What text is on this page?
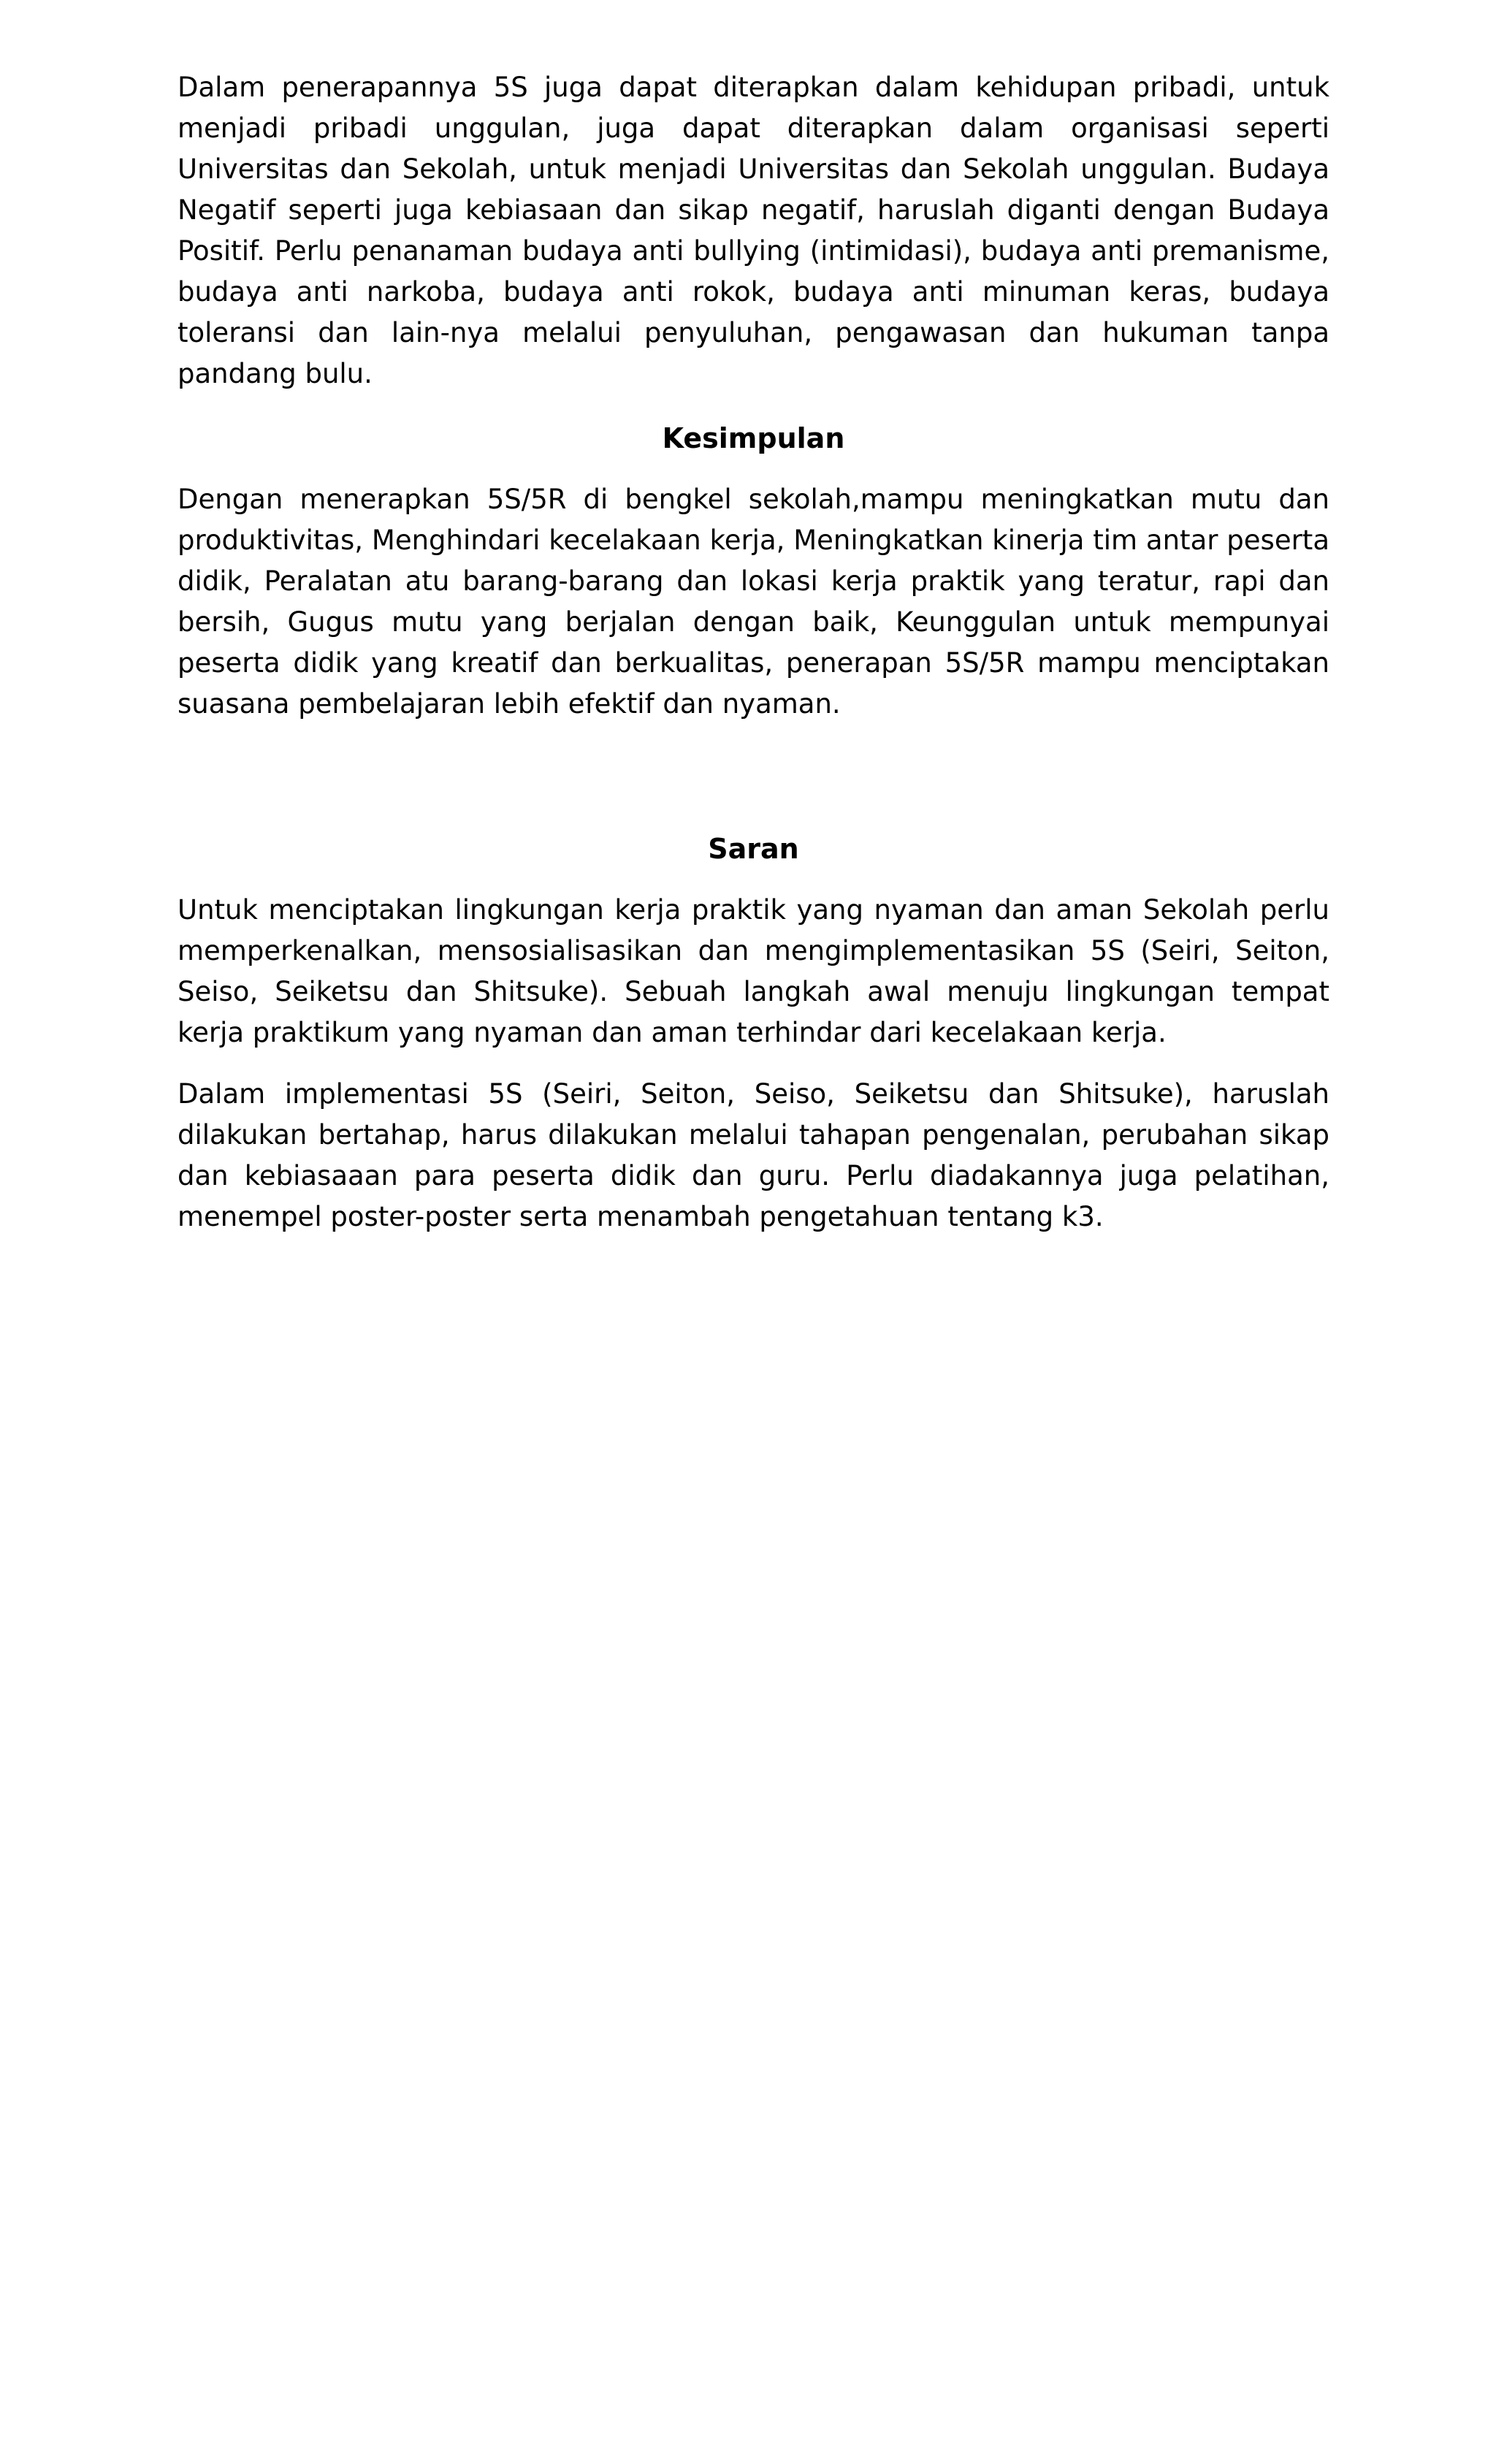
Dalam penerapannya 5S juga dapat diterapkan dalam kehidupan pribadi, untuk menjadi pribadi unggulan, juga dapat diterapkan dalam organisasi seperti Universitas dan Sekolah, untuk menjadi Universitas dan Sekolah unggulan. Budaya Negatif seperti juga kebiasaan dan sikap negatif, haruslah diganti dengan Budaya Positif. Perlu penanaman budaya anti bullying (intimidasi), budaya anti premanisme, budaya anti narkoba, budaya anti rokok, budaya anti minuman keras, budaya toleransi dan lain-nya melalui penyuluhan, pengawasan dan hukuman tanpa pandang bulu.

Kesimpulan

Dengan menerapkan 5S/5R di bengkel sekolah,mampu meningkatkan mutu dan produktivitas, Menghindari kecelakaan kerja, Meningkatkan kinerja tim antar peserta didik, Peralatan atu barang-barang dan lokasi kerja praktik yang teratur, rapi dan bersih, Gugus mutu yang berjalan dengan baik, Keunggulan untuk mempunyai peserta didik yang kreatif dan berkualitas, penerapan 5S/5R mampu menciptakan suasana pembelajaran lebih efektif dan nyaman.

Saran

Untuk menciptakan lingkungan kerja praktik yang nyaman dan aman Sekolah perlu memperkenalkan, mensosialisasikan dan mengimplementasikan 5S (Seiri, Seiton, Seiso, Seiketsu dan Shitsuke). Sebuah langkah awal menuju lingkungan tempat kerja praktikum yang nyaman dan aman terhindar dari kecelakaan kerja.

Dalam implementasi 5S (Seiri, Seiton, Seiso, Seiketsu dan Shitsuke), haruslah dilakukan bertahap, harus dilakukan melalui tahapan pengenalan, perubahan sikap dan kebiasaaan para peserta didik dan guru. Perlu diadakannya juga pelatihan, menempel poster-poster serta menambah pengetahuan tentang k3.
